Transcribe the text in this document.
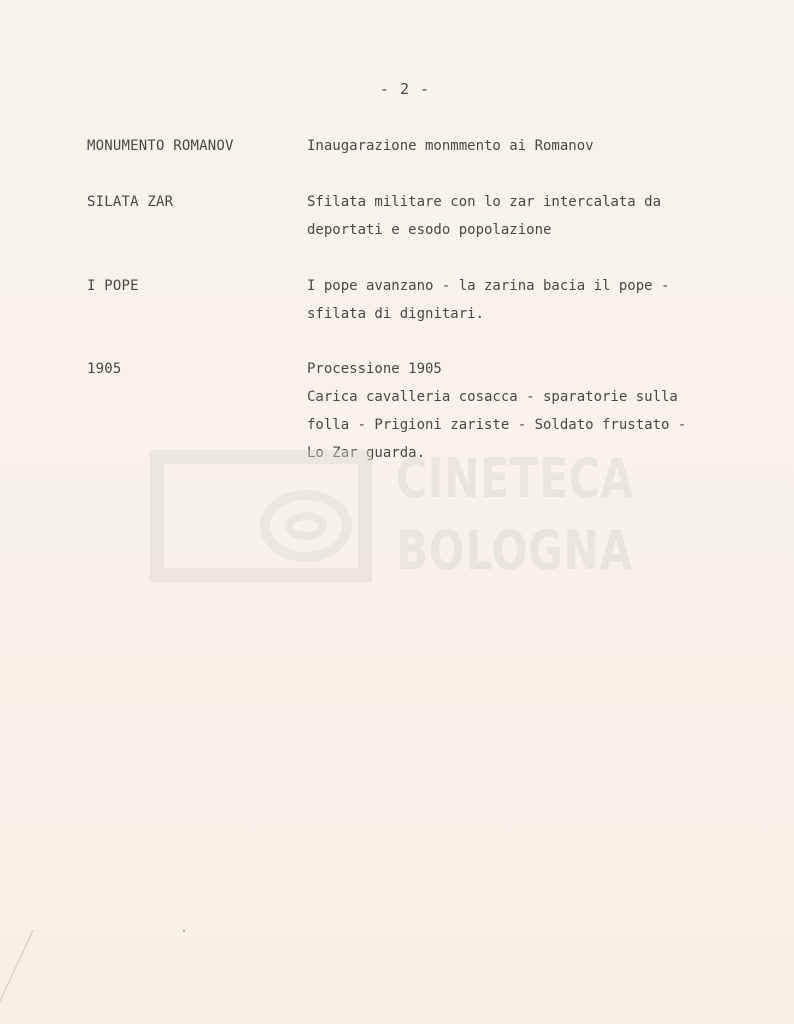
- 2 -
MONUMENTO ROMANOV	Inaugarazione monmmento ai Romanov
SILATA ZAR	Sfilata militare con lo zar intercalata da
deportati e esodo popolazione
I POPE	I pope avanzano - la zarina bacia il pope -
sfilata di dignitari.
1905	Processione 1905
Carica cavalleria cosacca - sparatorie sulla
folla - Prigioni zariste - Soldato frustato -
Lo Zar guarda.
CINETECA
BOLOGNA
